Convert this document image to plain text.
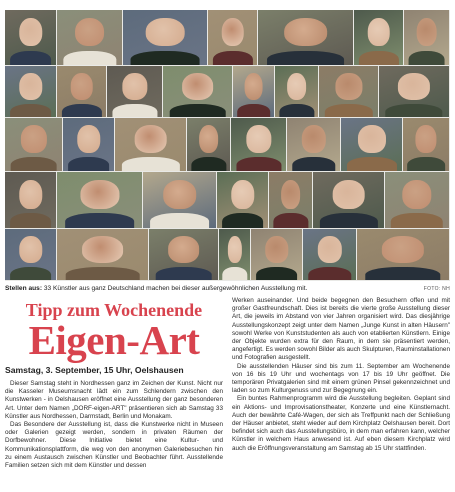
Stellen aus: 33 Künstler aus ganz Deutschland machen bei dieser außergewöhnlichen Ausstellung mit.	FOTO: NH
Tipp zum Wochenende
Eigen-Art
Samstag, 3. September, 15 Uhr, Oelshausen

Dieser Samstag steht in Nordhessen ganz im Zeichen der Kunst. Nicht nur die Kasseler Museumsnacht lädt ein zum Schlendern zwischen den Kunstwerken - in Oelshausen eröffnet eine Ausstellung der ganz besonderen Art. Unter dem Namen „DORF-eigen-ART" präsentieren sich ab Samstag 33 Künstler aus Nordhessen, Darmstadt, Berlin und Monakam.

Das Besondere der Ausstellung ist, dass die Kunstwerke nicht in Museen oder Galerien gezeigt werden, sondern in privaten Räumen der Dorfbewohner. Diese Initiative bietet eine Kultur- und Kommunikationsplattform, die weg von den anonymen Galeriebesuchen hin zu einem Austausch zwischen Künstler und Beobachter führt. Ausstellende Familien setzen sich mit dem Künstler und dessen

Werken auseinander. Und beide begegnen den Besuchern offen und mit großer Gastfreundschaft. Dies ist bereits die vierte große Ausstellung dieser Art, die jeweils im Abstand von vier Jahren organisiert wird. Das diesjährige Ausstellungskonzept zeigt unter dem Namen „Junge Kunst in alten Häusern" sowohl Werke von Kunststudenten als auch von etablierten Künstlern. Einige der Objekte wurden extra für den Raum, in dem sie präsentiert werden, angefertigt. Es werden sowohl Bilder als auch Skulpturen, Rauminstallationen und Fotografien ausgestellt.

Die ausstellenden Häuser sind bis zum 11. September am Wochenende von 16 bis 19 Uhr und wochentags von 17 bis 19 Uhr geöffnet. Die temporären Privatgalerien sind mit einem grünen Pinsel gekennzeichnet und laden so zum Kulturgenuss und zur Begegnung ein.

Ein buntes Rahmenprogramm wird die Ausstellung begleiten. Geplant sind ein Aktions- und Improvisationstheater, Konzerte und eine Künstlernacht. Auch der bewährte Café-Wagen, der sich als Treffpunkt nach der Schließung der Häuser anbietet, steht wieder auf dem Kirchplatz Oelshausen bereit. Dort befindet sich auch das Ausstellungsbüro, in dem man erfahren kann, welcher Künstler in welchem Haus anwesend ist. Auf eben diesem Kirchplatz wird auch die Eröffnungsveranstaltung am Samstag ab 15 Uhr stattfinden.
